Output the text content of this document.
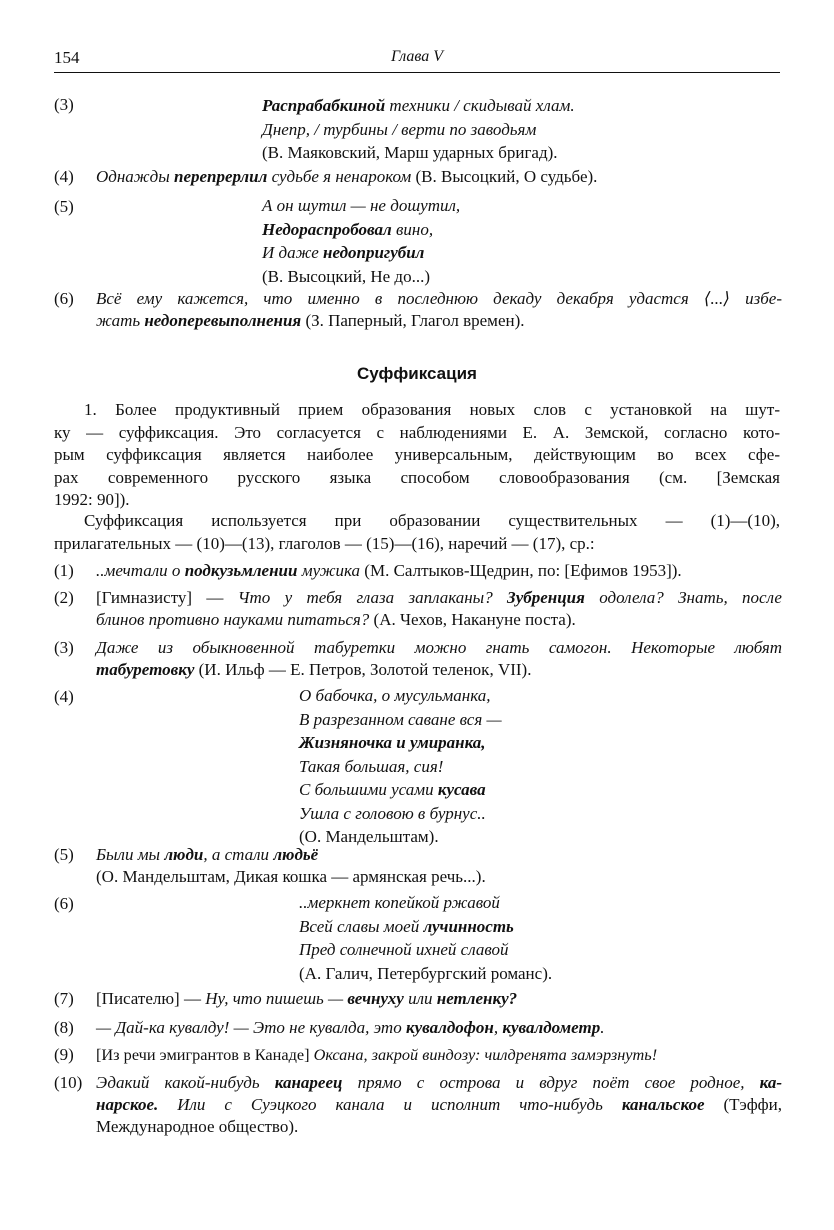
154	Глава V
(3)	Распрабабкиной техники / скидывай хлам.
Днепр, / турбины / верти по заводьям
(В. Маяковский, Марш ударных бригад).
(4) Однажды перепрерлил судьбе я ненароком (В. Высоцкий, О судьбе).
(5)	А он шутил — не дошутил,
Недораспробовал вино,
И даже недопригубил
(В. Высоцкий, Не до...)
(6) Всё ему кажется, что именно в последнюю декаду декабря удастся ⟨...⟩ избе-
жать недоперевыполнения (З. Паперный, Глагол времен).
Суффиксация
1. Более продуктивный прием образования новых слов с установкой на шут-
ку — суффиксация. Это согласуется с наблюдениями Е. А. Земской, согласно кото-
рым суффиксация является наиболее универсальным, действующим во всех сфе-
рах современного русского языка способом словообразования (см. [Земская
1992: 90]).
Суффиксация используется при образовании существительных — (1)—(10),
прилагательных — (10)—(13), глаголов — (15)—(16), наречий — (17), ср.:
(1) ..мечтали о подкузьмлении мужика (М. Салтыков-Щедрин, по: [Ефимов 1953]).
(2) [Гимназисту] — Что у тебя глаза заплаканы? Зубренция одолела? Знать, после
блинов противно науками питаться? (А. Чехов, Накануне поста).
(3) Даже из обыкновенной табуретки можно гнать самогон. Некоторые любят
табуретовку (И. Ильф — Е. Петров, Золотой теленок, VII).
(4)	О бабочка, о мусульманка,
В разрезанном саване вся —
Жизняночка и умиранка,
Такая большая, сия!
С большими усами кусава
Ушла с головою в бурнус..
(О. Мандельштам).
(5) Были мы люди, а стали людьё
(О. Мандельштам, Дикая кошка — армянская речь...).
(6)	..меркнет копейкой ржавой
Всей славы моей лучинность
Пред солнечной ихней славой
(А. Галич, Петербургский романс).
(7) [Писателю] — Ну, что пишешь — вечнуху или нетленку?
(8) — Дай-ка кувалду! — Это не кувалда, это кувалдофон, кувалдометр.
(9) [Из речи эмигрантов в Канаде] Оксана, закрой виндозу: чилдренята замэрзнуть!
(10) Эдакий какой-нибудь канареец прямо с острова и вдруг поёт свое родное, ка-
нарское. Или с Суэцкого канала и исполнит что-нибудь канальское (Тэффи,
Международное общество).
